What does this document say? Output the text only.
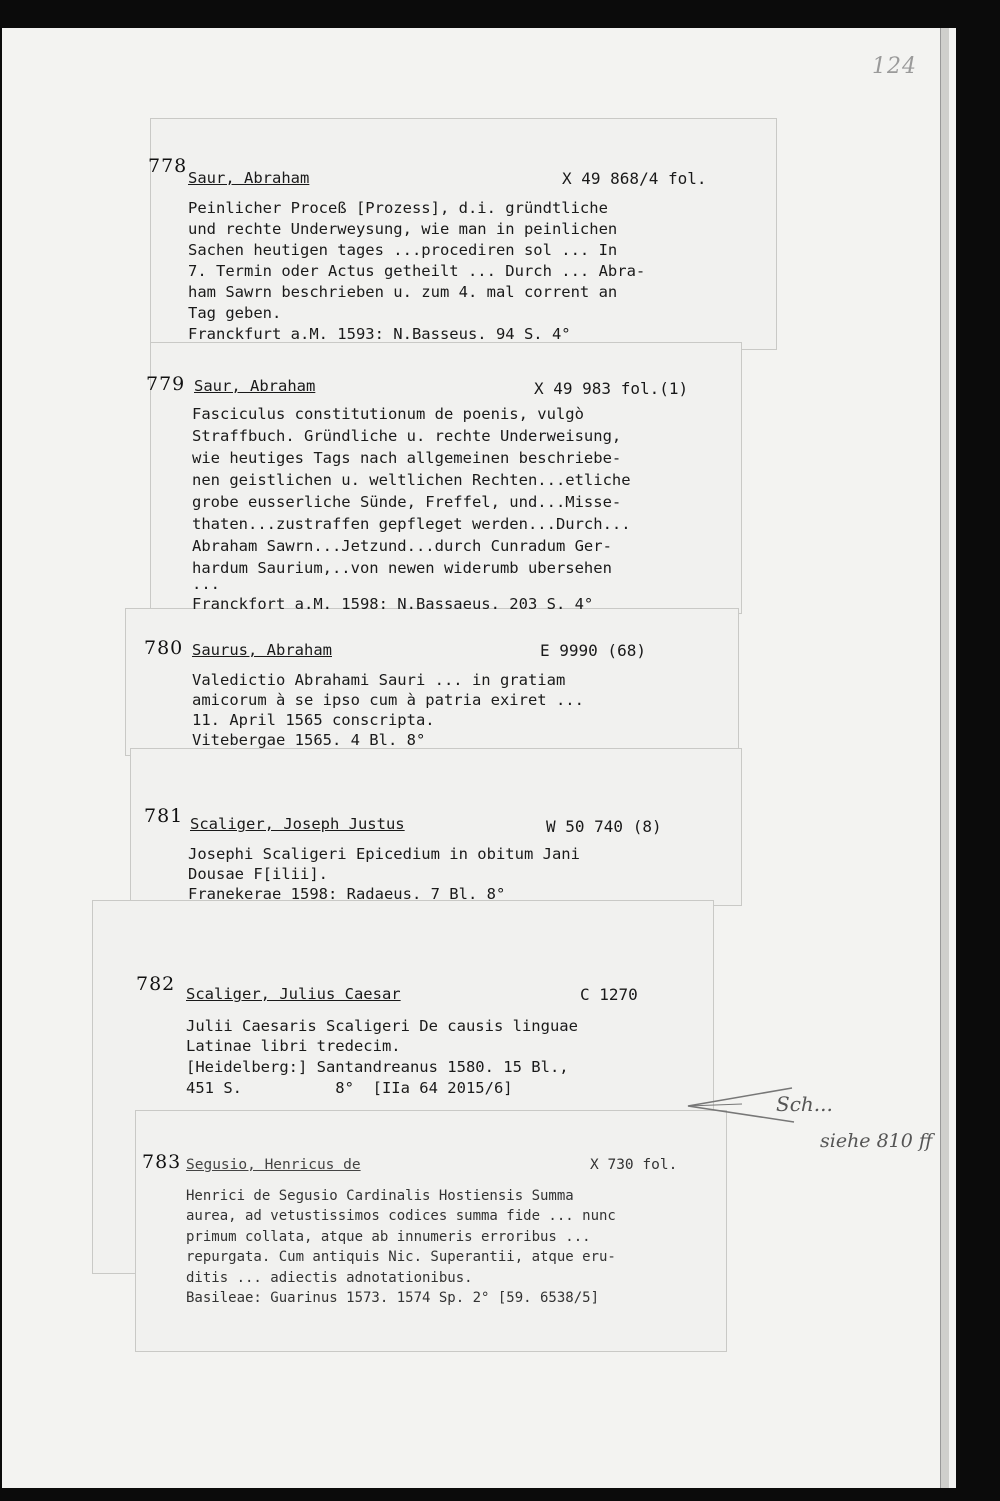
124
778
Saur, Abraham	X 49 868/4 fol.
Peinlicher Proceß [Prozess], d.i. gründtliche
und rechte Underweysung, wie man in peinlichen
Sachen heutigen tages ...procediren sol ... In
7. Termin oder Actus getheilt ... Durch ... Abra-
ham Sawrn beschrieben u. zum 4. mal corrent an
Tag geben.
Franckfurt a.M. 1593: N.Basseus. 94 S. 4°
779 Saur, Abraham	X 49 983 fol.(1)
Fasciculus constitutionum de poenis, vulgò
Straffbuch. Gründliche u. rechte Underweisung,
wie heutiges Tags nach allgemeinen beschriebe-
nen geistlichen u. weltlichen Rechten...etliche
grobe eusserliche Sünde, Freffel, und...Misse-
thaten...zustraffen gepfleget werden...Durch...
Abraham Sawrn...Jetzund...durch Cunradum Ger-
hardum Saurium,..von newen widerumb ubersehen
...
Franckfort a.M. 1598: N.Bassaeus. 203 S. 4°
780 Saurus, Abraham	E 9990 (68)
Valedictio Abrahami Sauri ... in gratiam
amicorum à se ipso cum à patria exiret ...
11. April 1565 conscripta.
Vitebergae 1565. 4 Bl. 8°
781 Scaliger, Joseph Justus	W 50 740 (8)
Josephi Scaligeri Epicedium in obitum Jani
Dousae F[ilii].
Franekerae 1598: Radaeus. 7 Bl. 8°
782 Scaliger, Julius Caesar	C 1270
Julii Caesaris Scaligeri De causis linguae
Latinae libri tredecim.
[Heidelberg:] Santandreanus 1580. 15 Bl.,
451 S.          8°  [IIa 64 2015/6]
783 Segusio, Henricus de	X 730 fol.
Henrici de Segusio Cardinalis Hostiensis Summa
aurea, ad vetustissimos codices summa fide ... nunc
primum collata, atque ab innumeris erroribus ...
repurgata. Cum antiquis Nic. Superantii, atque eru-
ditis ... adiectis adnotationibus.
Basileae: Guarinus 1573. 1574 Sp. 2° [59. 6538/5]
Sch...
siehe 810 ff
